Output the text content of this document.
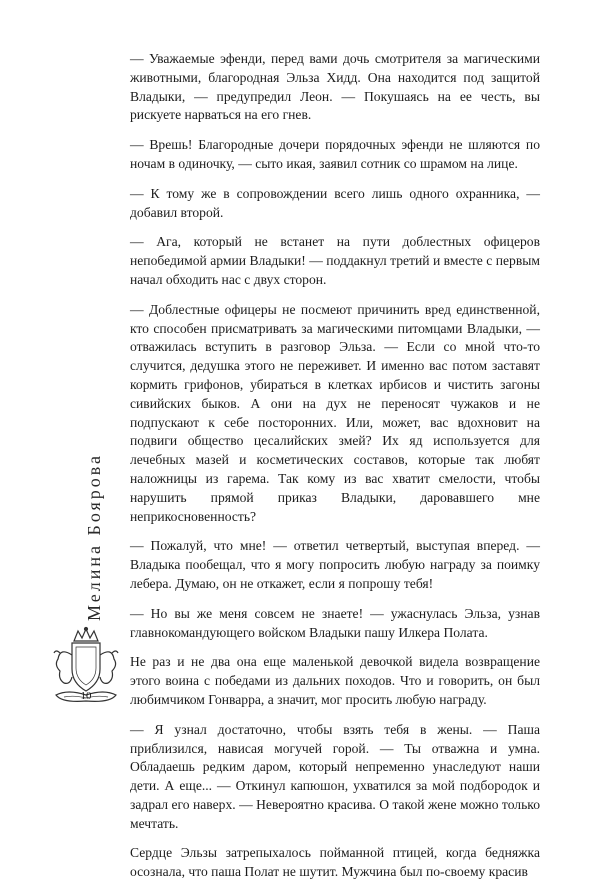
— Уважаемые эфенди, перед вами дочь смотрителя за магическими животными, благородная Эльза Хидд. Она находится под защитой Владыки, — предупредил Леон. — Покушаясь на ее честь, вы рискуете нарваться на его гнев.

— Врешь! Благородные дочери порядочных эфенди не шляются по ночам в одиночку, — сыто икая, заявил сотник со шрамом на лице.

— К тому же в сопровождении всего лишь одного охранника, — добавил второй.

— Ага, который не встанет на пути доблестных офицеров непобедимой армии Владыки! — поддакнул третий и вместе с первым начал обходить нас с двух сторон.

— Доблестные офицеры не посмеют причинить вред единственной, кто способен присматривать за магическими питомцами Владыки, — отважилась вступить в разговор Эльза. — Если со мной что-то случится, дедушка этого не переживет. И именно вас потом заставят кормить грифонов, убираться в клетках ирбисов и чистить загоны сивийских быков. А они на дух не переносят чужаков и не подпускают к себе посторонних. Или, может, вас вдохновит на подвиги общество цесалийских змей? Их яд используется для лечебных мазей и косметических составов, которые так любят наложницы из гарема. Так кому из вас хватит смелости, чтобы нарушить прямой приказ Владыки, даровавшего мне неприкосновенность?

— Пожалуй, что мне! — ответил четвертый, выступая вперед. — Владыка пообещал, что я могу попросить любую награду за поимку лебера. Думаю, он не откажет, если я попрошу тебя!

— Но вы же меня совсем не знаете! — ужаснулась Эльза, узнав главнокомандующего войском Владыки пашу Илкера Полата.

Не раз и не два она еще маленькой девочкой видела возвращение этого воина с победами из дальних походов. Что и говорить, он был любимчиком Гонварра, а значит, мог просить любую награду.

— Я узнал достаточно, чтобы взять тебя в жены. — Паша приблизился, нависая могучей горой. — Ты отважна и умна. Обладаешь редким даром, который непременно унаследуют наши дети. А еще... — Откинул капюшон, ухватился за мой подбородок и задрал его наверх. — Невероятно красива. О такой жене можно только мечтать.

Сердце Эльзы затрепыхалось пойманной птицей, когда бедняжка осознала, что паша Полат не шутит. Мужчина был по-своему красив

Мелина Боярова
10
